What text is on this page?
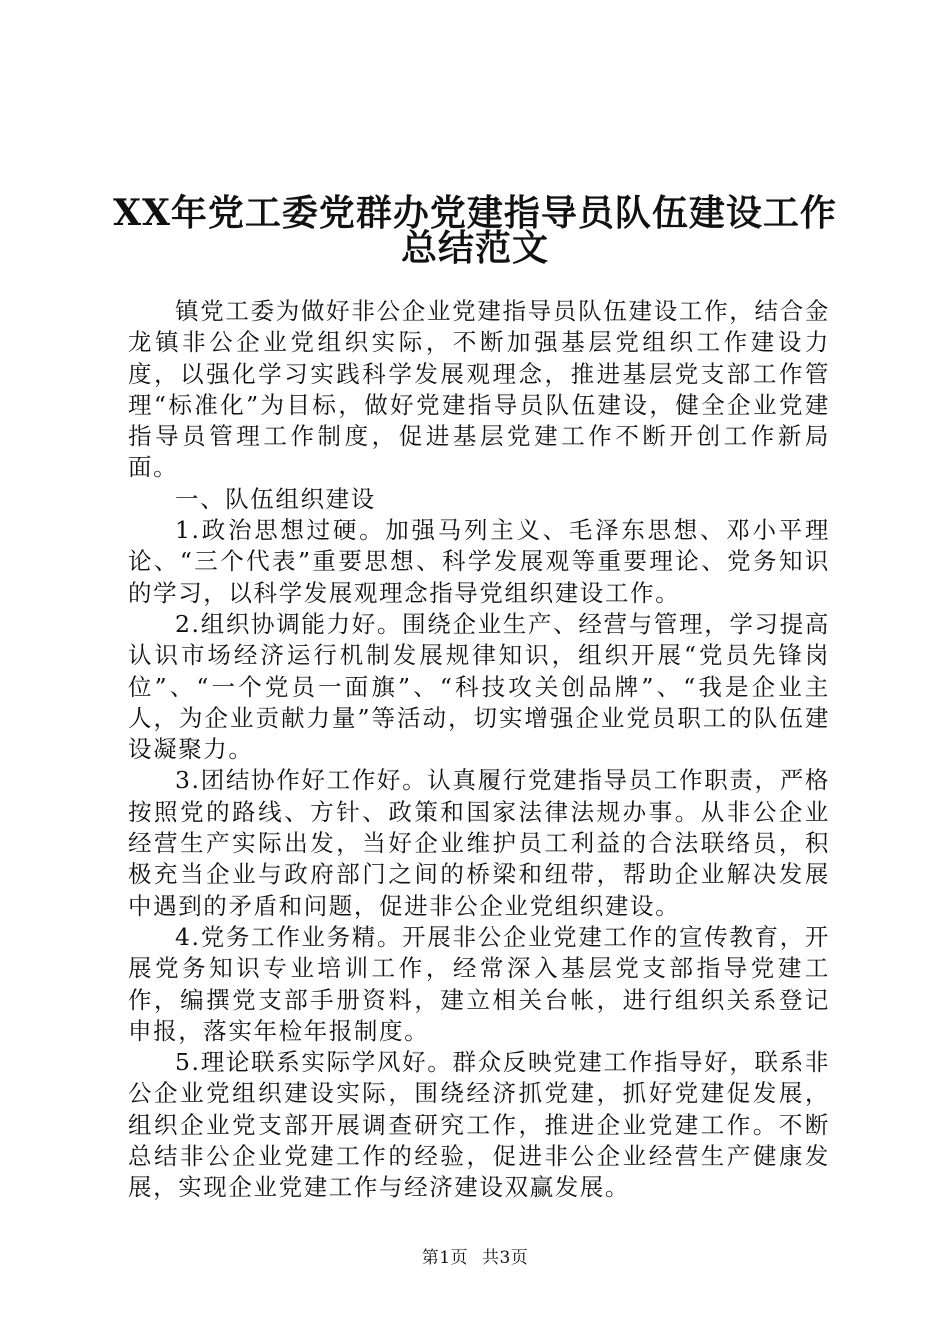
XX年党工委党群办党建指导员队伍建设工作
总结范文

镇党工委为做好非公企业党建指导员队伍建设工作，结合金龙镇非公企业党组织实际，不断加强基层党组织工作建设力度，以强化学习实践科学发展观理念，推进基层党支部工作管理“标准化”为目标，做好党建指导员队伍建设，健全企业党建指导员管理工作制度，促进基层党建工作不断开创工作新局面。

一、队伍组织建设

1.政治思想过硬。加强马列主义、毛泽东思想、邓小平理论、“三个代表”重要思想、科学发展观等重要理论、党务知识的学习，以科学发展观理念指导党组织建设工作。

2.组织协调能力好。围绕企业生产、经营与管理，学习提高认识市场经济运行机制发展规律知识，组织开展“党员先锋岗位”、“一个党员一面旗”、“科技攻关创品牌”、“我是企业主人，为企业贡献力量”等活动，切实增强企业党员职工的队伍建设凝聚力。

3.团结协作好工作好。认真履行党建指导员工作职责，严格按照党的路线、方针、政策和国家法律法规办事。从非公企业经营生产实际出发，当好企业维护员工利益的合法联络员，积极充当企业与政府部门之间的桥梁和纽带，帮助企业解决发展中遇到的矛盾和问题，促进非公企业党组织建设。

4.党务工作业务精。开展非公企业党建工作的宣传教育，开展党务知识专业培训工作，经常深入基层党支部指导党建工作，编撰党支部手册资料，建立相关台帐，进行组织关系登记申报，落实年检年报制度。

5.理论联系实际学风好。群众反映党建工作指导好，联系非公企业党组织建设实际，围绕经济抓党建，抓好党建促发展，组织企业党支部开展调查研究工作，推进企业党建工作。不断总结非公企业党建工作的经验，促进非公企业经营生产健康发展，实现企业党建工作与经济建设双赢发展。

第1页 共3页
